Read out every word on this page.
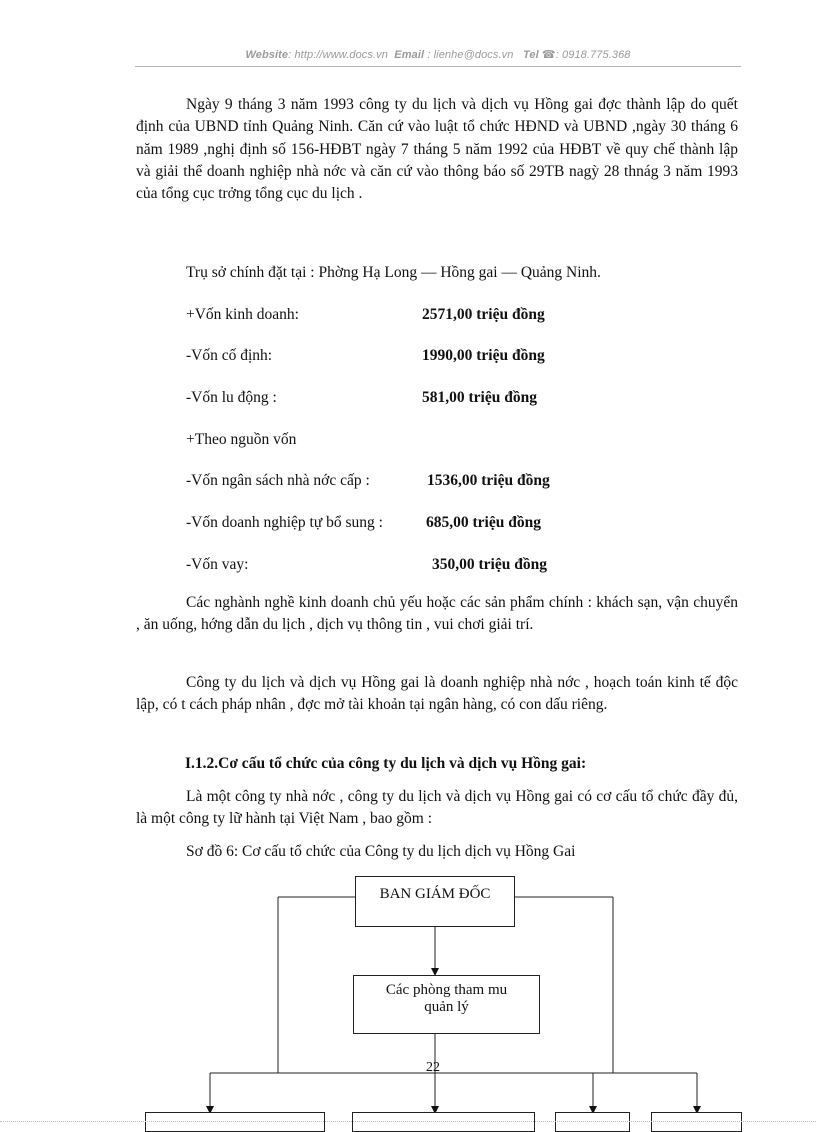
Website: http://www.docs.vn Email : lienhe@docs.vn Tel ☎: 0918.775.368

Ngày 9 tháng 3 năm 1993 công ty du lịch và dịch vụ Hồng gai đợc thành lập do quết định của UBND tỉnh Quảng Ninh. Căn cứ vào luật tổ chức HĐND và UBND ,ngày 30 tháng 6 năm 1989 ,nghị định số 156-HĐBT ngày 7 tháng 5 năm 1992 của HĐBT về quy chế thành lập và giải thể doanh nghiệp nhà nớc và căn cứ vào thông báo số 29TB nagỳ 28 thnág 3 năm 1993 của tổng cục trởng tổng cục du lịch .

Trụ sở chính đặt tại : Phờng Hạ Long — Hồng gai — Quảng Ninh.
+Vốn kinh doanh:	2571,00 triệu đồng
-Vốn cố định:	1990,00 triệu đồng
-Vốn lu động :	581,00 triệu đồng
+Theo nguồn vốn
-Vốn ngân sách nhà nớc cấp :	1536,00 triệu đồng
-Vốn doanh nghiệp tự bổ sung :	685,00 triệu đồng
-Vốn vay:	350,00 triệu đồng

Các nghành nghề kinh doanh chủ yếu hoặc các sản phẩm chính : khách sạn, vận chuyển , ăn uống, hớng dẫn du lịch , dịch vụ thông tin , vui chơi giải trí.

Công ty du lịch và dịch vụ Hồng gai là doanh nghiệp nhà nớc , hoạch toán kinh tế độc lập, có t cách pháp nhân , đợc mở tài khoản tại ngân hàng, có con dấu riêng.

I.1.2.Cơ cấu tổ chức của công ty du lịch và dịch vụ Hồng gai:

Là một công ty nhà nớc , công ty du lịch và dịch vụ Hồng gai có cơ cấu tổ chức đầy đủ, là một công ty lữ hành tại Việt Nam , bao gồm :

Sơ đồ 6: Cơ cấu tổ chức của Công ty du lịch dịch vụ Hồng Gai
BAN GIÁM ĐỐC
Các phòng tham mu quản lý
22
